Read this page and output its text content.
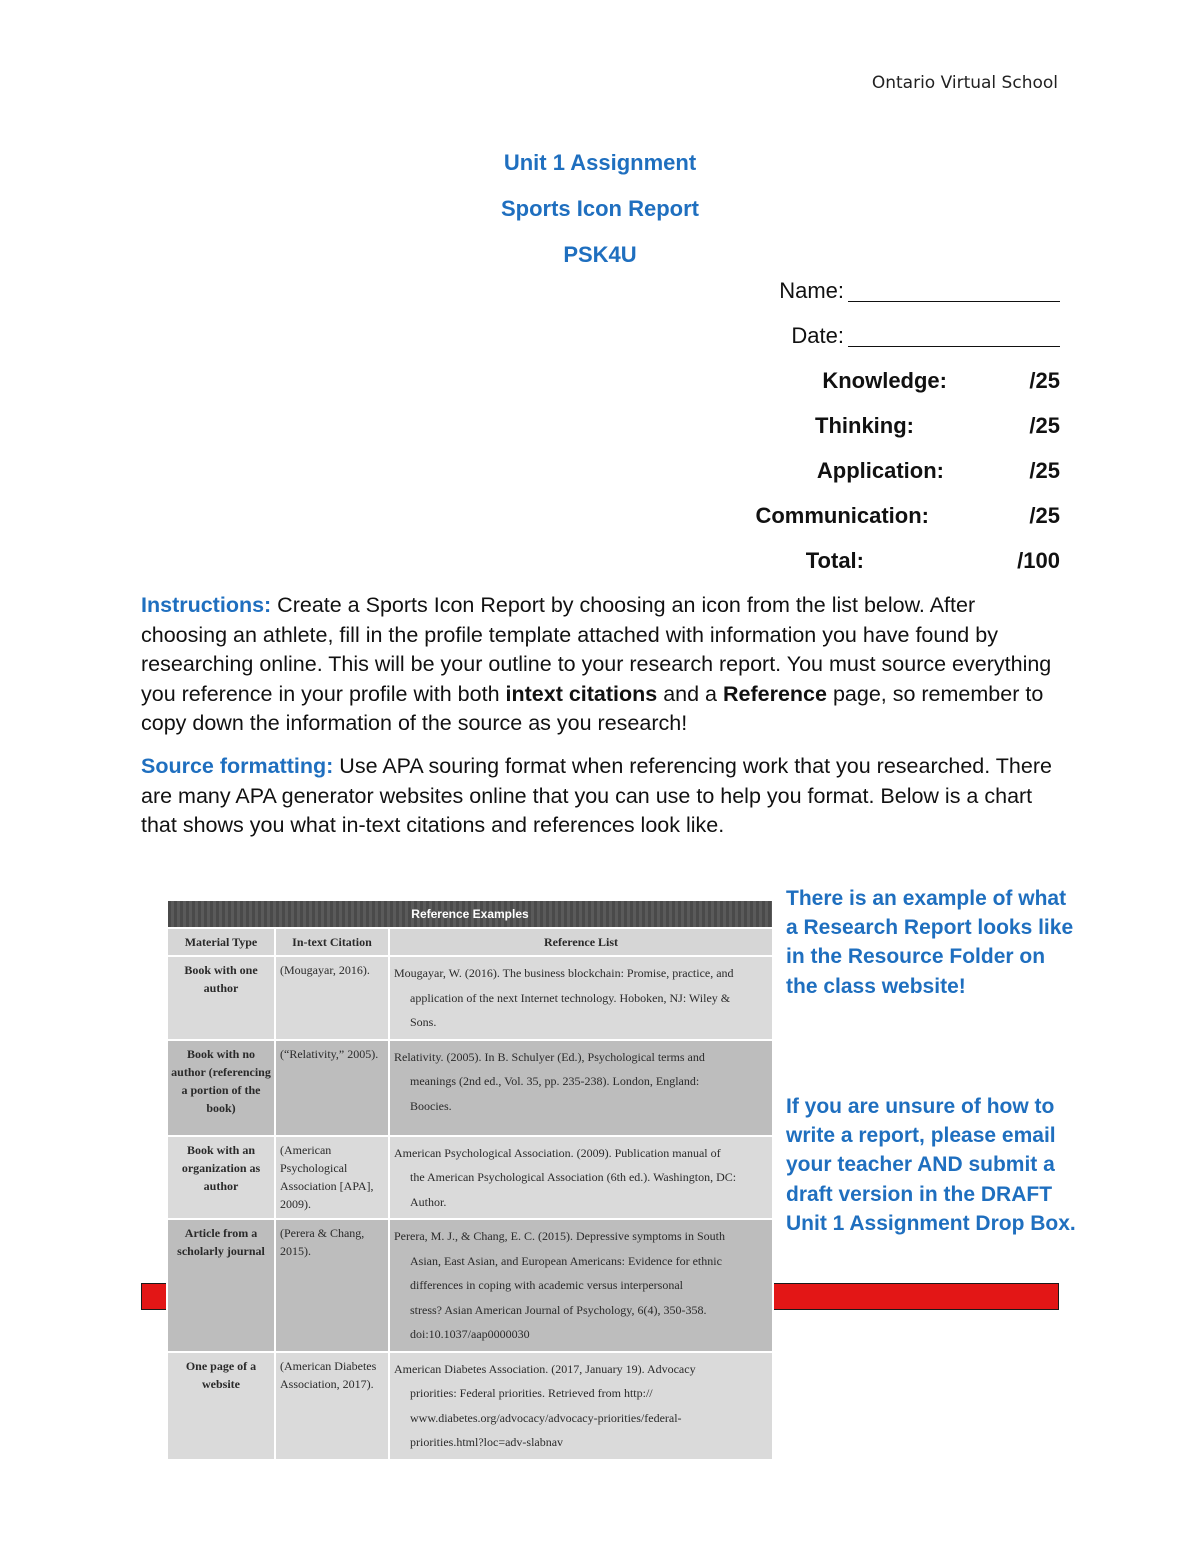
Ontario Virtual School
Unit 1 Assignment
Sports Icon Report
PSK4U
Name:
Date:
Knowledge:	/25
Thinking:	/25
Application:	/25
Communication:	/25
Total:	/100

Instructions: Create a Sports Icon Report by choosing an icon from the list below. After choosing an athlete, fill in the profile template attached with information you have found by researching online. This will be your outline to your research report. You must source everything you reference in your profile with both intext citations and a Reference page, so remember to copy down the information of the source as you research!

Source formatting: Use APA souring format when referencing work that you researched. There are many APA generator websites online that you can use to help you format. Below is a chart that shows you what in-text citations and references look like.

Reference Examples		
Material Type	In-text Citation	Reference List
Book with one author	(Mougayar, 2016).	Mougayar, W. (2016). The business blockchain: Promise, practice, and

application of the next Internet technology. Hoboken, NJ: Wiley &

Sons.

Book with no author (referencing a portion of the book)	(“Relativity,” 2005).	Relativity. (2005). In B. Schulyer (Ed.), Psychological terms and

meanings (2nd ed., Vol. 35, pp. 235-238). London, England:

Boocies.

Book with an organization as author	(American Psychological Association [APA], 2009).	American Psychological Association. (2009). Publication manual of

the American Psychological Association (6th ed.). Washington, DC:

Author.

Article from a scholarly journal	(Perera & Chang, 2015).	Perera, M. J., & Chang, E. C. (2015). Depressive symptoms in South

Asian, East Asian, and European Americans: Evidence for ethnic

differences in coping with academic versus interpersonal

stress? Asian American Journal of Psychology, 6(4), 350-358.

doi:10.1037/aap0000030

One page of a website	(American Diabetes Association, 2017).	American Diabetes Association. (2017, January 19). Advocacy

priorities: Federal priorities. Retrieved from http://

www.diabetes.org/advocacy/advocacy-priorities/federal-

priorities.html?loc=adv-slabnav

There is an example of what a Research Report looks like in the Resource Folder on the class website!

If you are unsure of how to write a report, please email your teacher AND submit a draft version in the DRAFT Unit 1 Assignment Drop Box.
